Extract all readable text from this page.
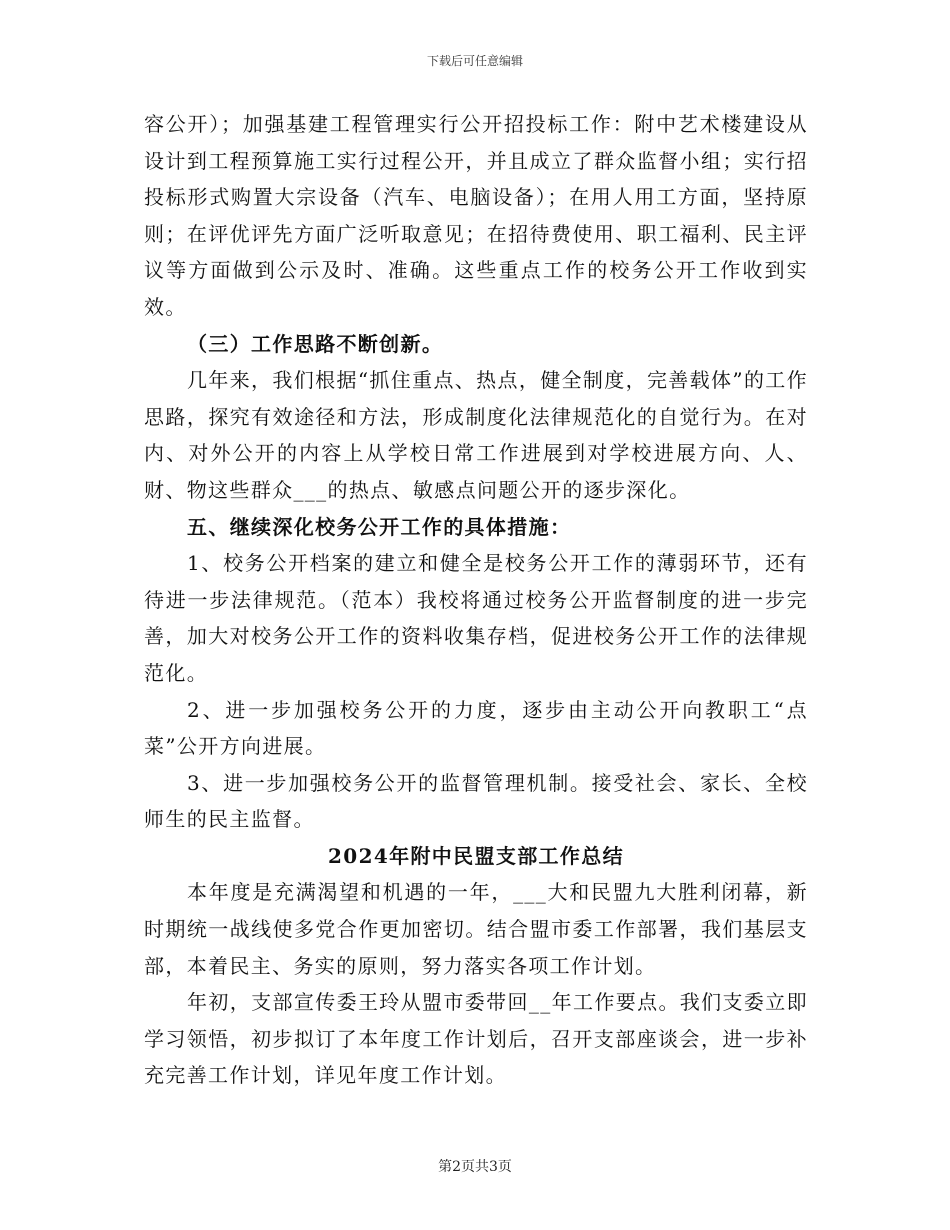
下载后可任意编辑

容公开）；加强基建工程管理实行公开招投标工作：附中艺术楼建设从设计到工程预算施工实行过程公开，并且成立了群众监督小组；实行招投标形式购置大宗设备（汽车、电脑设备）；在用人用工方面，坚持原则；在评优评先方面广泛听取意见；在招待费使用、职工福利、民主评议等方面做到公示及时、准确。这些重点工作的校务公开工作收到实效。

（三）工作思路不断创新。

几年来，我们根据“抓住重点、热点，健全制度，完善载体”的工作思路，探究有效途径和方法，形成制度化法律规范化的自觉行为。在对内、对外公开的内容上从学校日常工作进展到对学校进展方向、人、财、物这些群众___的热点、敏感点问题公开的逐步深化。

五、继续深化校务公开工作的具体措施：

1、校务公开档案的建立和健全是校务公开工作的薄弱环节，还有待进一步法律规范。（范本）我校将通过校务公开监督制度的进一步完善，加大对校务公开工作的资料收集存档，促进校务公开工作的法律规范化。

2、进一步加强校务公开的力度，逐步由主动公开向教职工“点菜”公开方向进展。

3、进一步加强校务公开的监督管理机制。接受社会、家长、全校师生的民主监督。

2024年附中民盟支部工作总结

本年度是充满渴望和机遇的一年，___大和民盟九大胜利闭幕，新时期统一战线使多党合作更加密切。结合盟市委工作部署，我们基层支部，本着民主、务实的原则，努力落实各项工作计划。

年初，支部宣传委王玲从盟市委带回__年工作要点。我们支委立即学习领悟，初步拟订了本年度工作计划后，召开支部座谈会，进一步补充完善工作计划，详见年度工作计划。

第2页共3页
